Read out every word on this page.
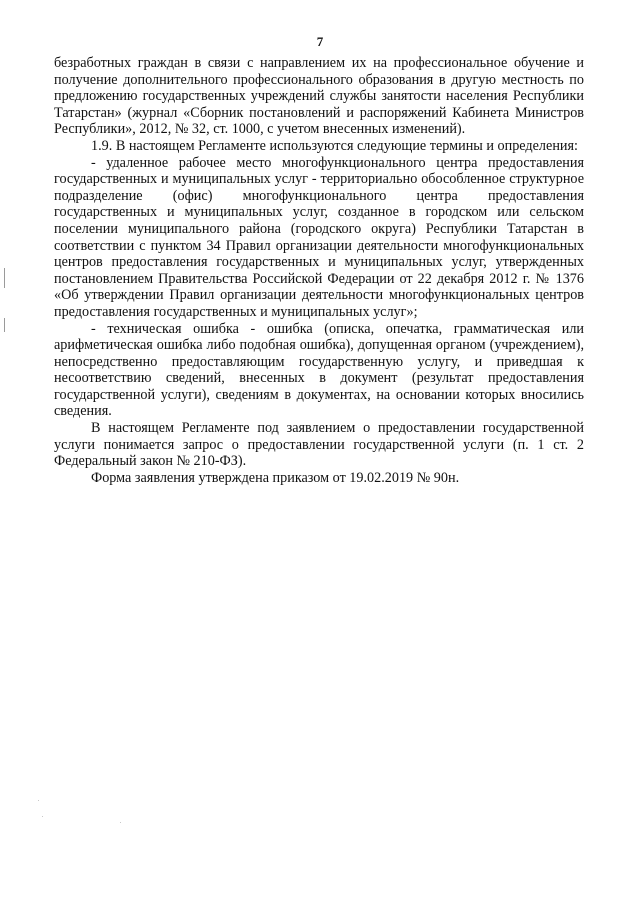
7

безработных граждан в связи с направлением их на профессиональное обучение и получение дополнительного профессионального образования в другую местность по предложению государственных учреждений службы занятости населения Республики Татарстан» (журнал «Сборник постановлений и распоряжений Кабинета Министров Республики», 2012, № 32, ст. 1000, с учетом внесенных изменений).

1.9. В настоящем Регламенте используются следующие термины и определения:

- удаленное рабочее место многофункционального центра предоставления государственных и муниципальных услуг - территориально обособленное структурное подразделение (офис) многофункционального центра предоставления государственных и муниципальных услуг, созданное в городском или сельском поселении муниципального района (городского округа) Республики Татарстан в соответствии с пунктом 34 Правил организации деятельности многофункциональных центров предоставления государственных и муниципальных услуг, утвержденных постановлением Правительства Российской Федерации от 22 декабря 2012 г. № 1376 «Об утверждении Правил организации деятельности многофункциональных центров предоставления государственных и муниципальных услуг»;

- техническая ошибка - ошибка (описка, опечатка, грамматическая или арифметическая ошибка либо подобная ошибка), допущенная органом (учреждением), непосредственно предоставляющим государственную услугу, и приведшая к несоответствию сведений, внесенных в документ (результат предоставления государственной услуги), сведениям в документах, на основании которых вносились сведения.

В настоящем Регламенте под заявлением о предоставлении государственной услуги понимается запрос о предоставлении государственной услуги (п. 1 ст. 2 Федеральный закон № 210-ФЗ).

Форма заявления утверждена приказом от 19.02.2019 № 90н.
